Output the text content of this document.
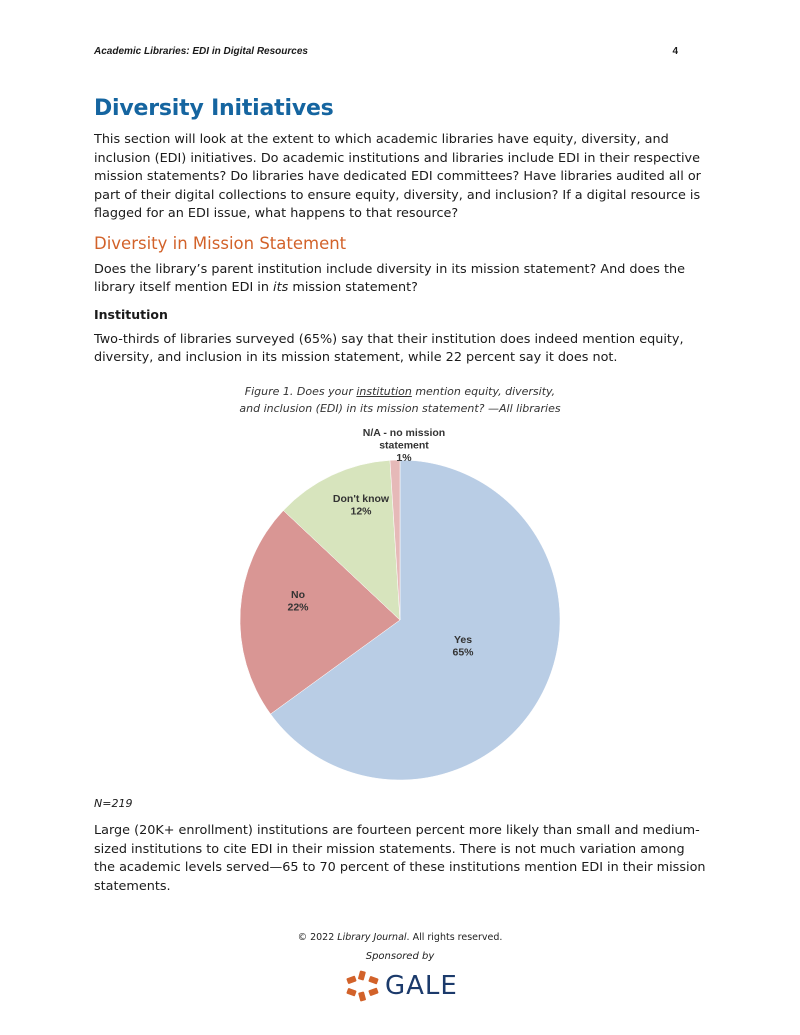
Academic Libraries: EDI in Digital Resources	4
Diversity Initiatives

This section will look at the extent to which academic libraries have equity, diversity, and inclusion (EDI) initiatives. Do academic institutions and libraries include EDI in their respective mission statements? Do libraries have dedicated EDI committees? Have libraries audited all or part of their digital collections to ensure equity, diversity, and inclusion? If a digital resource is flagged for an EDI issue, what happens to that resource?

Diversity in Mission Statement

Does the library’s parent institution include diversity in its mission statement? And does the library itself mention EDI in its mission statement?

Institution

Two-thirds of libraries surveyed (65%) say that their institution does indeed mention equity, diversity, and inclusion in its mission statement, while 22 percent say it does not.

Figure 1. Does your institution mention equity, diversity,
and inclusion (EDI) in its mission statement? —All libraries
Yes 65%
No 22%
Don't know 12%
N/A - no mission statement 1%
N=219

Large (20K+ enrollment) institutions are fourteen percent more likely than small and medium-sized institutions to cite EDI in their mission statements. There is not much variation among the academic levels served—65 to 70 percent of these institutions mention EDI in their mission statements.

© 2022 Library Journal. All rights reserved.
Sponsored by
GALE
